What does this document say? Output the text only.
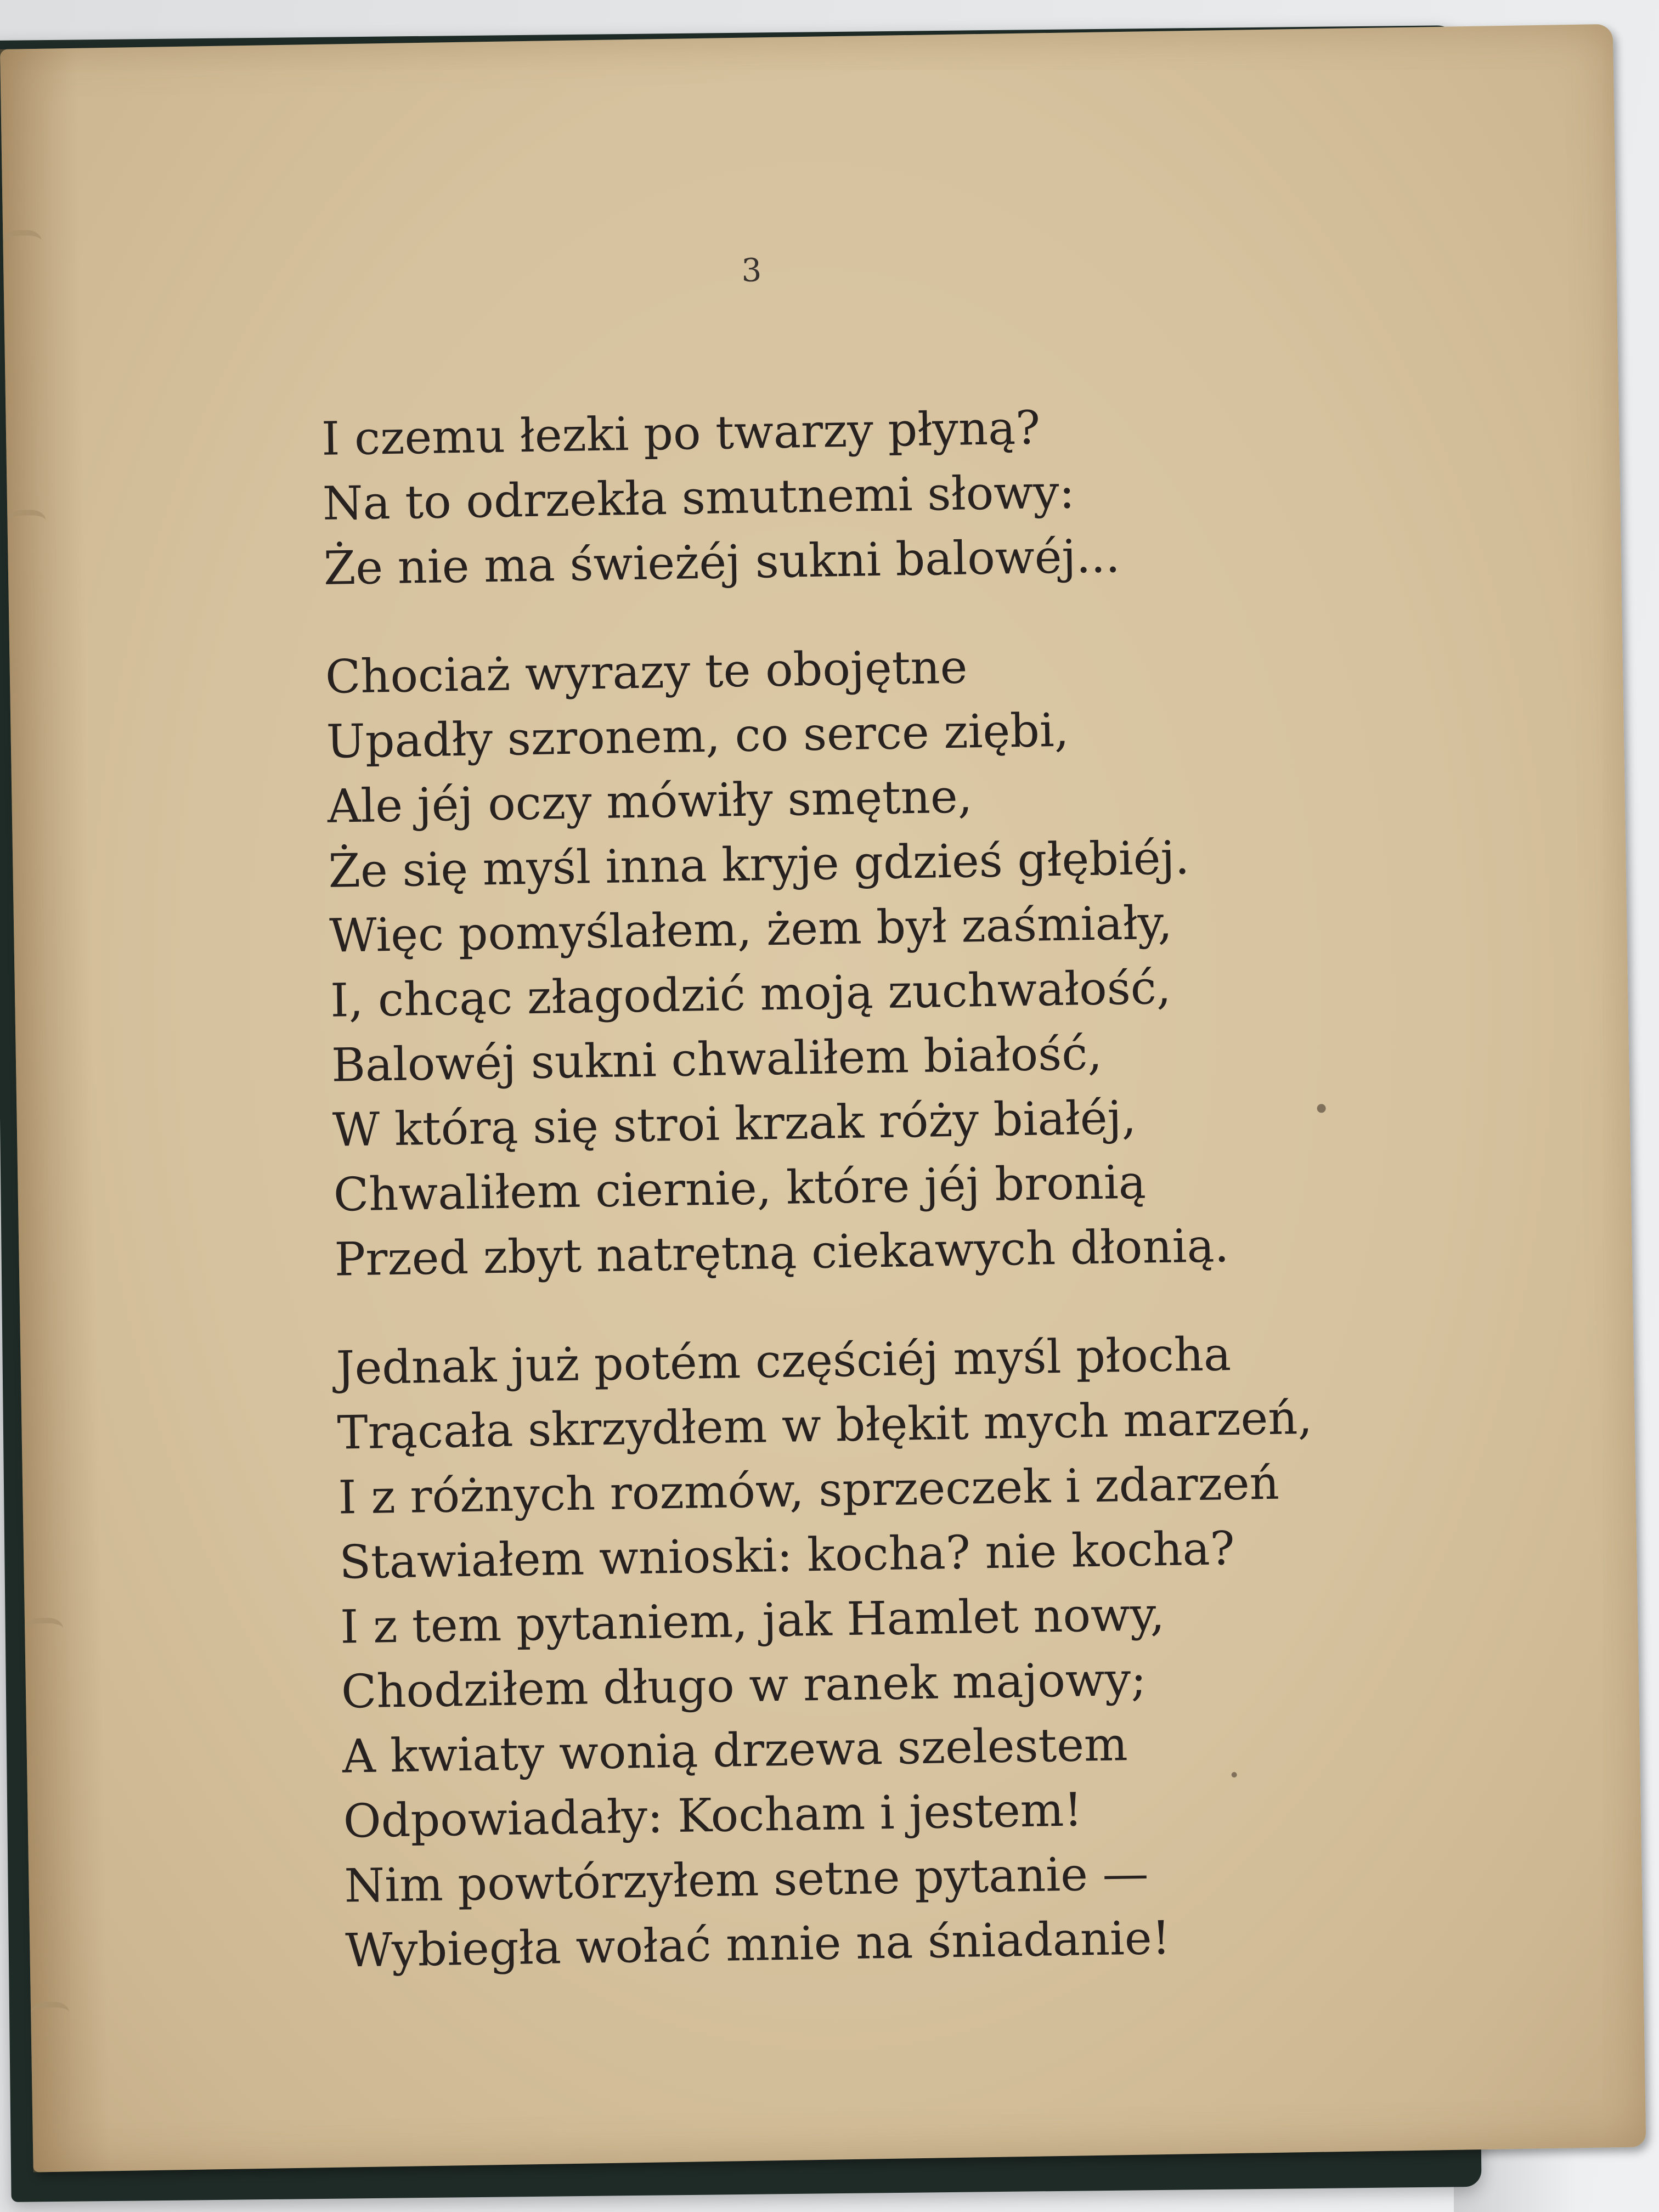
3
I czemu łezki po twarzy płyną?
Na to odrzekła smutnemi słowy:
Że nie ma świeżéj sukni balowéj...
Chociaż wyrazy te obojętne
Upadły szronem, co serce ziębi,
Ale jéj oczy mówiły smętne,
Że się myśl inna kryje gdzieś głębiéj.
Więc pomyślałem, żem był zaśmiały,
I, chcąc złagodzić moją zuchwałość,
Balowéj sukni chwaliłem białość,
W którą się stroi krzak róży białéj,
Chwaliłem ciernie, które jéj bronią
Przed zbyt natrętną ciekawych dłonią.
Jednak już potém częściéj myśl płocha
Trącała skrzydłem w błękit mych marzeń,
I z różnych rozmów, sprzeczek i zdarzeń
Stawiałem wnioski: kocha? nie kocha?
I z tem pytaniem, jak Hamlet nowy,
Chodziłem długo w ranek majowy;
A kwiaty wonią drzewa szelestem
Odpowiadały: Kocham i jestem!
Nim powtórzyłem setne pytanie —
Wybiegła wołać mnie na śniadanie!
